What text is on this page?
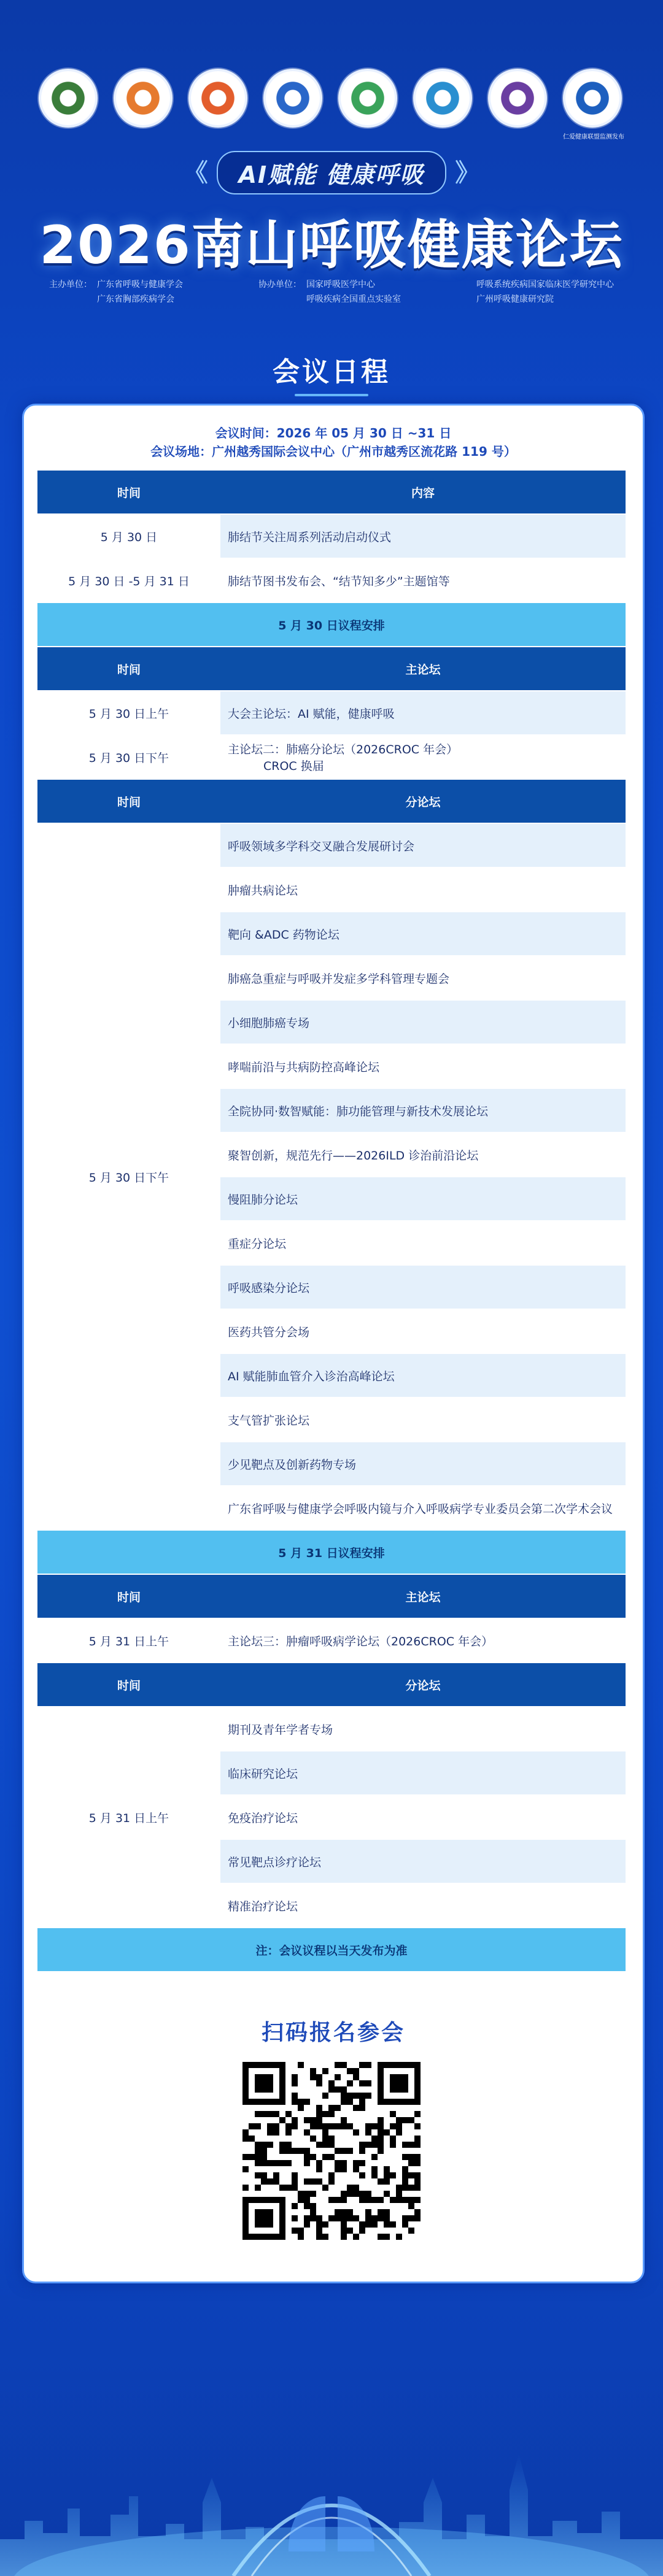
仁爱健康联盟监测发布
《	AI赋能 健康呼吸	》
2026南山呼吸健康论坛
主办单位： 广东省呼吸与健康学会
广东省胸部疾病学会
协办单位： 国家呼吸医学中心
呼吸疾病全国重点实验室
呼吸系统疾病国家临床医学研究中心
广州呼吸健康研究院
会议日程
会议时间：2026 年 05 月 30 日 ~31 日
会议场地：广州越秀国际会议中心（广州市越秀区流花路 119 号）
时间	内容
5 月 30 日	肺结节关注周系列活动启动仪式
5 月 30 日 -5 月 31 日	肺结节图书发布会、“结节知多少”主题馆等
5 月 30 日议程安排	
时间	主论坛
5 月 30 日上午	大会主论坛：AI 赋能，健康呼吸
5 月 30 日下午	主论坛二：肺癌分论坛（2026CROC 年会）
CROC 换届

时间	分论坛
5 月 30 日下午	呼吸领域多学科交叉融合发展研讨会
	肿瘤共病论坛
	靶向 &ADC 药物论坛
	肺癌急重症与呼吸并发症多学科管理专题会
	小细胞肺癌专场
	哮喘前沿与共病防控高峰论坛
	全院协同·数智赋能：肺功能管理与新技术发展论坛
	聚智创新，规范先行——2026ILD 诊治前沿论坛
	慢阻肺分论坛
	重症分论坛
	呼吸感染分论坛
	医药共管分会场
	AI 赋能肺血管介入诊治高峰论坛
	支气管扩张论坛
	少见靶点及创新药物专场
	广东省呼吸与健康学会呼吸内镜与介入呼吸病学专业委员会第二次学术会议
5 月 31 日议程安排	
时间	主论坛
5 月 31 日上午	主论坛三：肿瘤呼吸病学论坛（2026CROC 年会）
时间	分论坛
5 月 31 日上午	期刊及青年学者专场
	临床研究论坛
	免疫治疗论坛
	常见靶点诊疗论坛
	精准治疗论坛
注：会议议程以当天发布为准	
扫码报名参会
